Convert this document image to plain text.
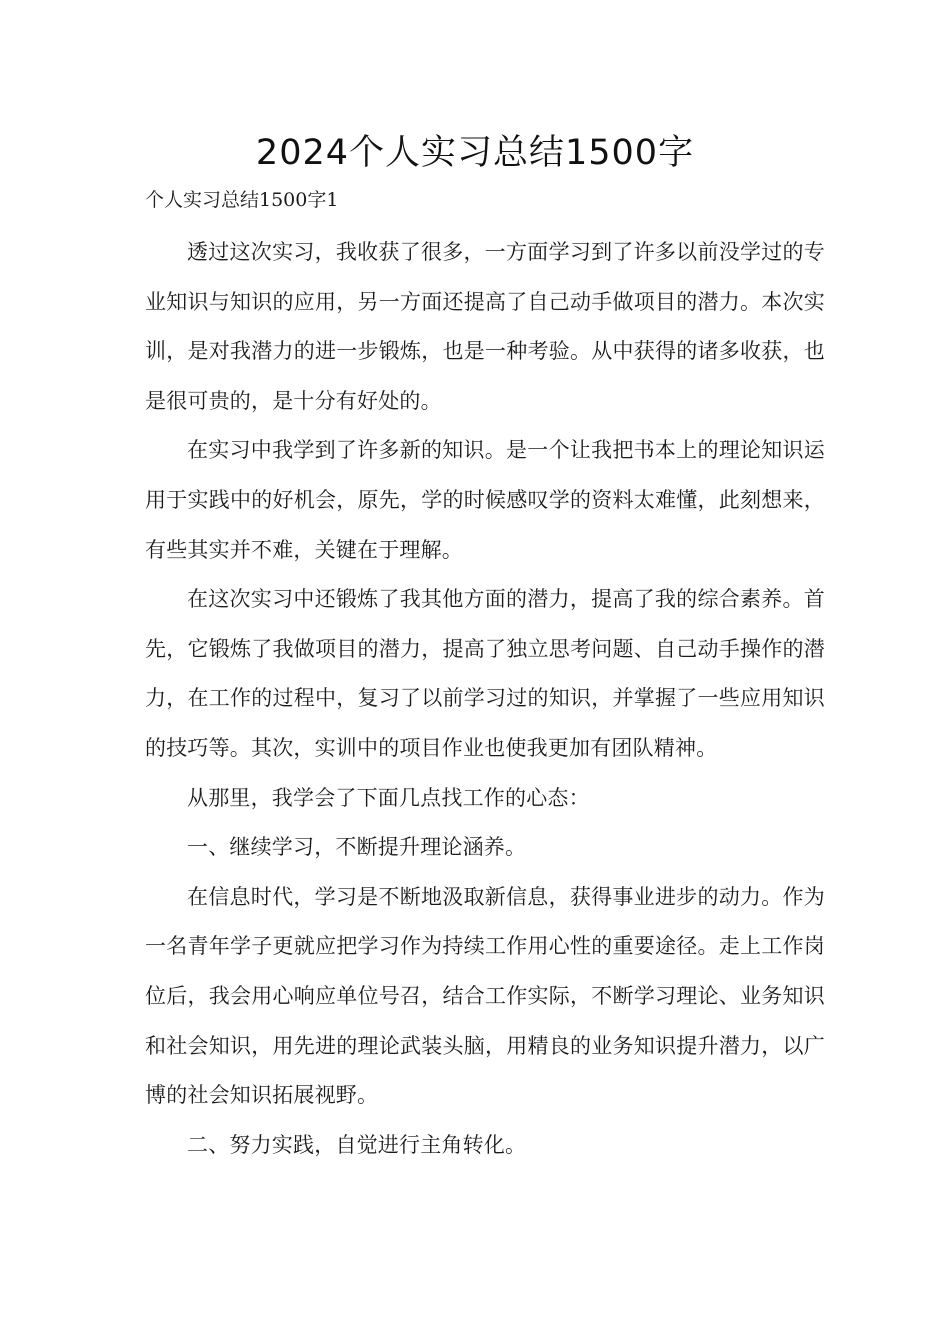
2024个人实习总结1500字
个人实习总结1500字1

透过这次实习，我收获了很多，一方面学习到了许多以前没学过的专业知识与知识的应用，另一方面还提高了自己动手做项目的潜力。本次实训，是对我潜力的进一步锻炼，也是一种考验。从中获得的诸多收获，也是很可贵的，是十分有好处的。

在实习中我学到了许多新的知识。是一个让我把书本上的理论知识运用于实践中的好机会，原先，学的时候感叹学的资料太难懂，此刻想来，有些其实并不难，关键在于理解。

在这次实习中还锻炼了我其他方面的潜力，提高了我的综合素养。首先，它锻炼了我做项目的潜力，提高了独立思考问题、自己动手操作的潜力，在工作的过程中，复习了以前学习过的知识，并掌握了一些应用知识的技巧等。其次，实训中的项目作业也使我更加有团队精神。

从那里，我学会了下面几点找工作的心态：

一、继续学习，不断提升理论涵养。

在信息时代，学习是不断地汲取新信息，获得事业进步的动力。作为一名青年学子更就应把学习作为持续工作用心性的重要途径。走上工作岗位后，我会用心响应单位号召，结合工作实际，不断学习理论、业务知识和社会知识，用先进的理论武装头脑，用精良的业务知识提升潜力，以广博的社会知识拓展视野。

二、努力实践，自觉进行主角转化。
